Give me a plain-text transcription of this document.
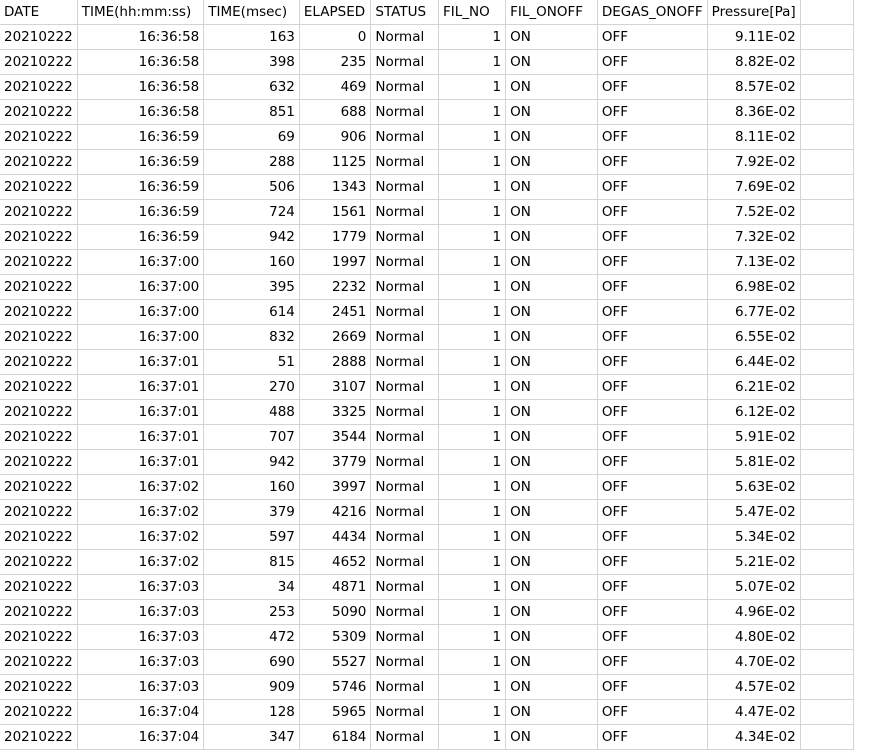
DATE	TIME(hh:mm:ss)	TIME(msec)	ELAPSED	STATUS	FIL_NO	FIL_ONOFF	DEGAS_ONOFF	Pressure[Pa]	
20210222	16:36:58	163	0	Normal	1	ON	OFF	9.11E-02	
20210222	16:36:58	398	235	Normal	1	ON	OFF	8.82E-02	
20210222	16:36:58	632	469	Normal	1	ON	OFF	8.57E-02	
20210222	16:36:58	851	688	Normal	1	ON	OFF	8.36E-02	
20210222	16:36:59	69	906	Normal	1	ON	OFF	8.11E-02	
20210222	16:36:59	288	1125	Normal	1	ON	OFF	7.92E-02	
20210222	16:36:59	506	1343	Normal	1	ON	OFF	7.69E-02	
20210222	16:36:59	724	1561	Normal	1	ON	OFF	7.52E-02	
20210222	16:36:59	942	1779	Normal	1	ON	OFF	7.32E-02	
20210222	16:37:00	160	1997	Normal	1	ON	OFF	7.13E-02	
20210222	16:37:00	395	2232	Normal	1	ON	OFF	6.98E-02	
20210222	16:37:00	614	2451	Normal	1	ON	OFF	6.77E-02	
20210222	16:37:00	832	2669	Normal	1	ON	OFF	6.55E-02	
20210222	16:37:01	51	2888	Normal	1	ON	OFF	6.44E-02	
20210222	16:37:01	270	3107	Normal	1	ON	OFF	6.21E-02	
20210222	16:37:01	488	3325	Normal	1	ON	OFF	6.12E-02	
20210222	16:37:01	707	3544	Normal	1	ON	OFF	5.91E-02	
20210222	16:37:01	942	3779	Normal	1	ON	OFF	5.81E-02	
20210222	16:37:02	160	3997	Normal	1	ON	OFF	5.63E-02	
20210222	16:37:02	379	4216	Normal	1	ON	OFF	5.47E-02	
20210222	16:37:02	597	4434	Normal	1	ON	OFF	5.34E-02	
20210222	16:37:02	815	4652	Normal	1	ON	OFF	5.21E-02	
20210222	16:37:03	34	4871	Normal	1	ON	OFF	5.07E-02	
20210222	16:37:03	253	5090	Normal	1	ON	OFF	4.96E-02	
20210222	16:37:03	472	5309	Normal	1	ON	OFF	4.80E-02	
20210222	16:37:03	690	5527	Normal	1	ON	OFF	4.70E-02	
20210222	16:37:03	909	5746	Normal	1	ON	OFF	4.57E-02	
20210222	16:37:04	128	5965	Normal	1	ON	OFF	4.47E-02	
20210222	16:37:04	347	6184	Normal	1	ON	OFF	4.34E-02	
